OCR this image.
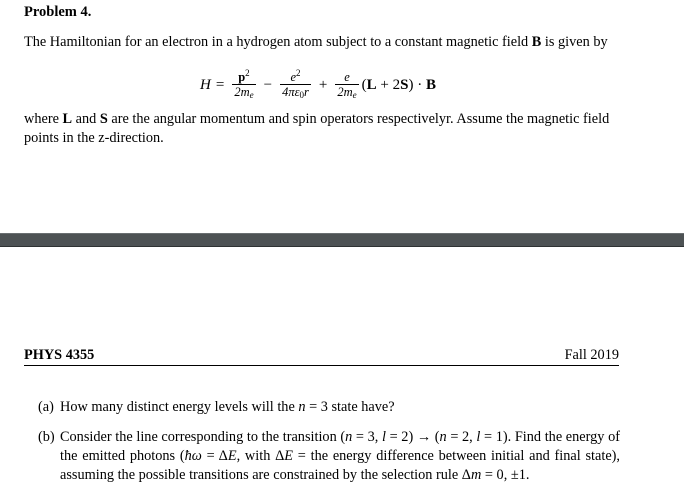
Problem 4.
The Hamiltonian for an electron in a hydrogen atom subject to a constant magnetic field B is given by
$H = \frac{p^2}{2m_e} - \frac{e^2}{4\pi\varepsilon_0r} + \frac{e}{2m_e}$ ( L + 2 S ) · B
where L and S are the angular momentum and spin operators respectivelyr. Assume the magnetic field points in the z-direction.
PHYS 4355	Fall 2019
(a) How many distinct energy levels will the n = 3 state have?
(b) Consider the line corresponding to the transition (n = 3, l = 2) → (n = 2, l = 1). Find the energy of the emitted photons (ħω = ΔE, with ΔE = the energy difference between initial and final state), assuming the possible transitions are constrained by the selection rule Δm = 0, ±1.
